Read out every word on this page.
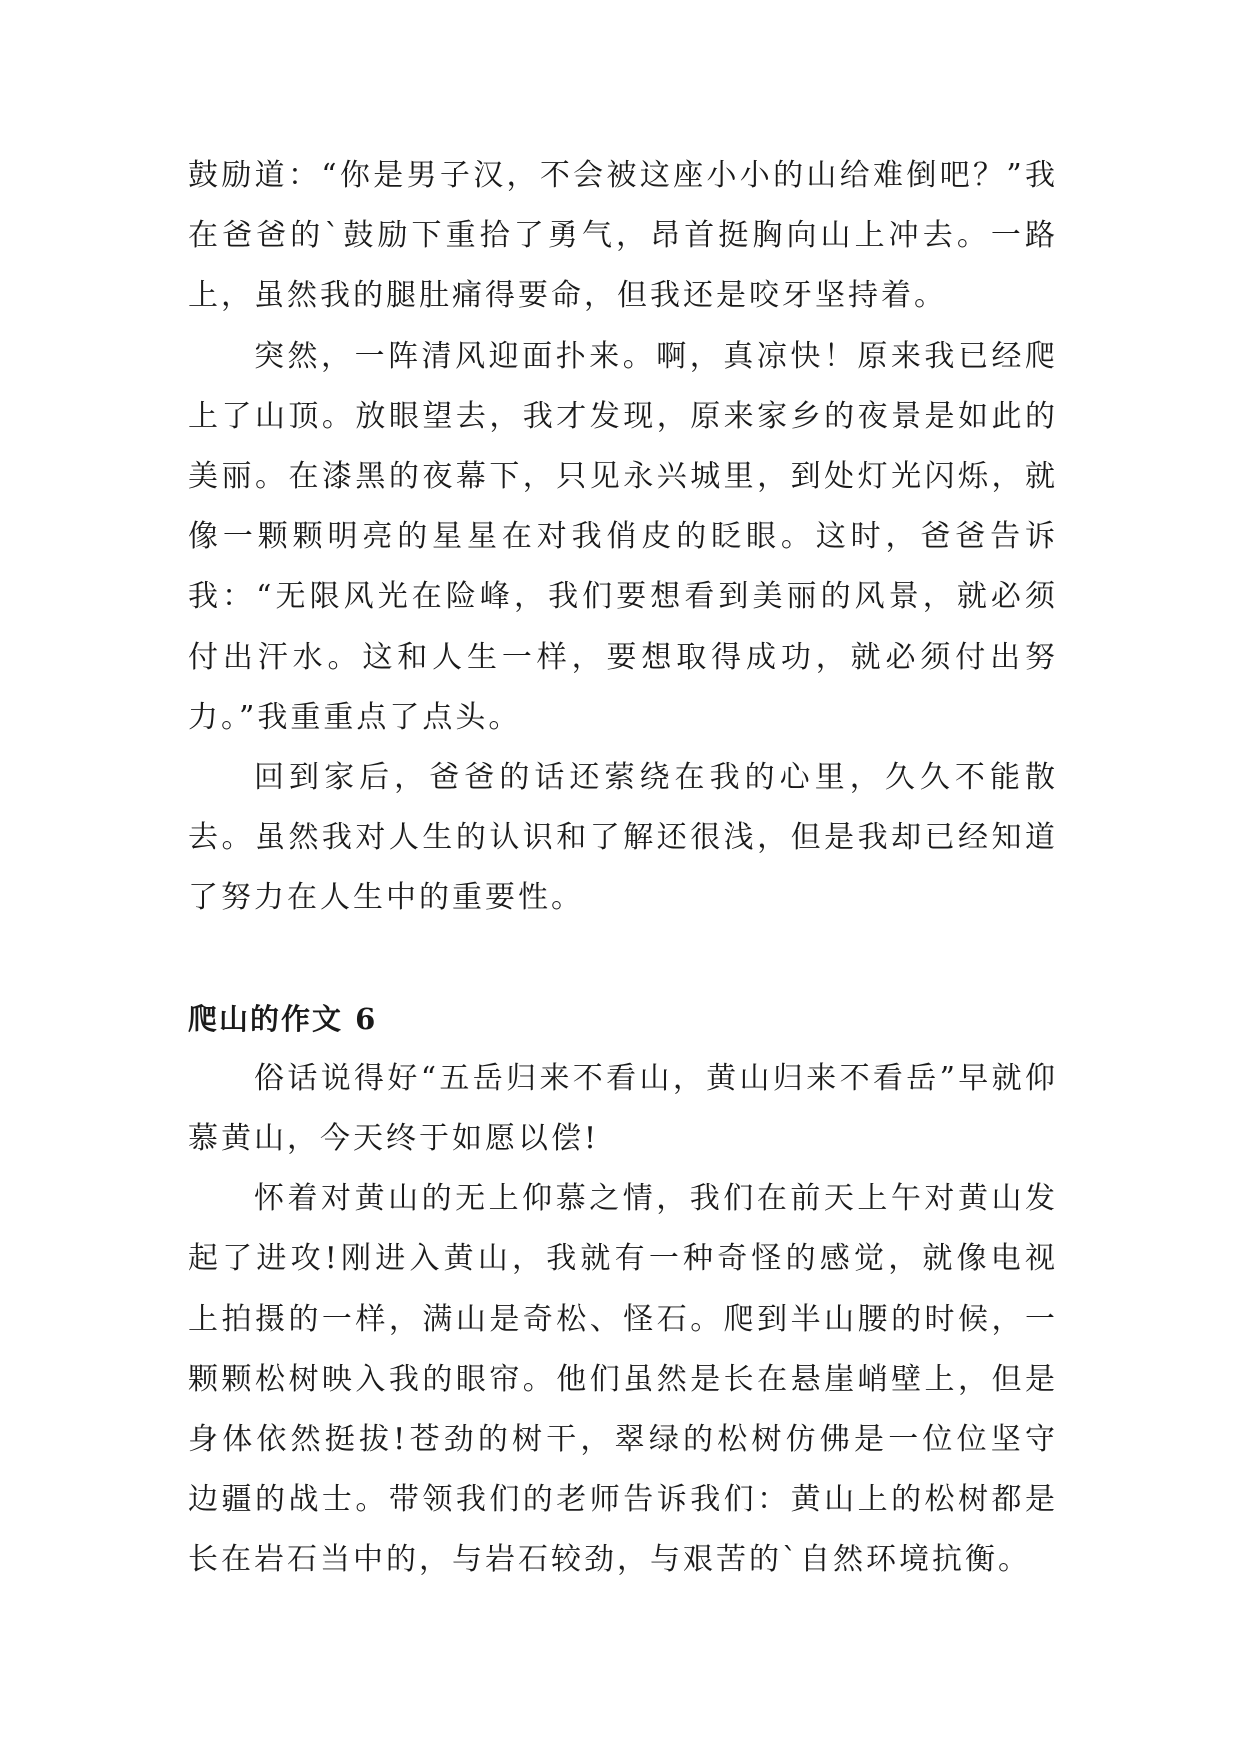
鼓励道：“你是男子汉，不会被这座小小的山给难倒吧？”我在爸爸的`鼓励下重拾了勇气，昂首挺胸向山上冲去。一路上，虽然我的腿肚痛得要命，但我还是咬牙坚持着。

突然，一阵清风迎面扑来。啊，真凉快！原来我已经爬上了山顶。放眼望去，我才发现，原来家乡的夜景是如此的美丽。在漆黑的夜幕下，只见永兴城里，到处灯光闪烁，就像一颗颗明亮的星星在对我俏皮的眨眼。这时，爸爸告诉我：“无限风光在险峰，我们要想看到美丽的风景，就必须付出汗水。这和人生一样，要想取得成功，就必须付出努力。”我重重点了点头。

回到家后，爸爸的话还萦绕在我的心里，久久不能散去。虽然我对人生的认识和了解还很浅，但是我却已经知道了努力在人生中的重要性。

爬山的作文 6

俗话说得好“五岳归来不看山，黄山归来不看岳”早就仰慕黄山，今天终于如愿以偿!

怀着对黄山的无上仰慕之情，我们在前天上午对黄山发起了进攻!刚进入黄山，我就有一种奇怪的感觉，就像电视上拍摄的一样，满山是奇松、怪石。爬到半山腰的时候，一颗颗松树映入我的眼帘。他们虽然是长在悬崖峭壁上，但是身体依然挺拔!苍劲的树干，翠绿的松树仿佛是一位位坚守边疆的战士。带领我们的老师告诉我们：黄山上的松树都是长在岩石当中的，与岩石较劲，与艰苦的`自然环境抗衡。
